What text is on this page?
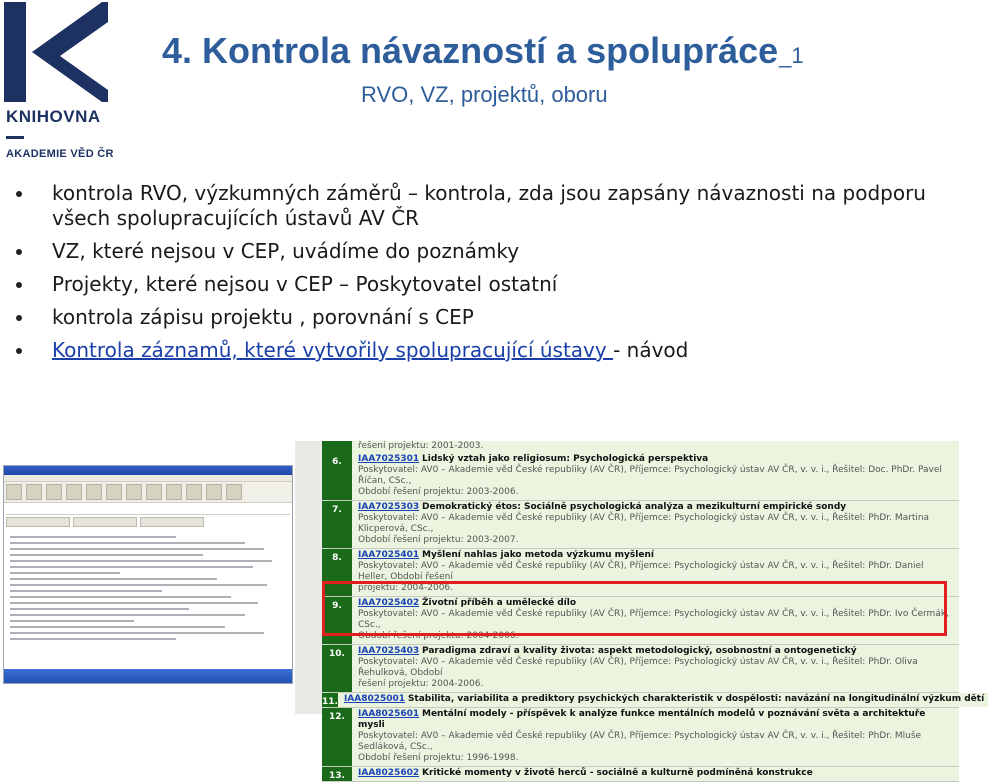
KNIHOVNA
AKADEMIE VĚD ČR
4. Kontrola návazností a spolupráce_1
RVO, VZ, projektů, oboru
kontrola RVO, výzkumných záměrů – kontrola, zda jsou zapsány návaznosti na podporu všech spolupracujících ústavů AV ČR
VZ, které nejsou v CEP, uvádíme do poznámky
Projekty, které nejsou v CEP – Poskytovatel ostatní
kontrola zápisu projektu , porovnání s CEP
Kontrola záznamů, které vytvořily spolupracující ústavy - návod
řešení projektu: 2001-2003.
6.	IAA7025301 Lidský vztah jako religiosum: Psychologická perspektiva
Poskytovatel: AV0 – Akademie věd České republiky (AV ČR), Příjemce: Psychologický ústav AV ČR, v. v. i., Řešitel: Doc. PhDr. Pavel Říčan, CSc.,
Období řešení projektu: 2003-2006.
7.	IAA7025303 Demokratický étos: Sociálně psychologická analýza a mezikulturní empirické sondy
Poskytovatel: AV0 – Akademie věd České republiky (AV ČR), Příjemce: Psychologický ústav AV ČR, v. v. i., Řešitel: PhDr. Martina Klicperová, CSc.,
Období řešení projektu: 2003-2007.
8.	IAA7025401 Myšlení nahlas jako metoda výzkumu myšlení
Poskytovatel: AV0 – Akademie věd České republiky (AV ČR), Příjemce: Psychologický ústav AV ČR, v. v. i., Řešitel: PhDr. Daniel Heller, Období řešení
projektu: 2004-2006.
9.	IAA7025402 Životní příběh a umělecké dílo
Poskytovatel: AV0 – Akademie věd České republiky (AV ČR), Příjemce: Psychologický ústav AV ČR, v. v. i., Řešitel: PhDr. Ivo Čermák, CSc.,
Období řešení projektu: 2004-2006.
10.	IAA7025403 Paradigma zdraví a kvality života: aspekt metodologický, osobnostní a ontogenetický
Poskytovatel: AV0 – Akademie věd České republiky (AV ČR), Příjemce: Psychologický ústav AV ČR, v. v. i., Řešitel: PhDr. Oliva Řehulková, Období
řešení projektu: 2004-2006.
11. IAA8025001 Stabilita, variabilita a prediktory psychických charakteristik v dospělosti: navázání na longitudinální výzkum dětí
12.	IAA8025601 Mentální modely - příspěvek k analýze funkce mentálních modelů v poznávání světa a architektuře mysli
Poskytovatel: AV0 – Akademie věd České republiky (AV ČR), Příjemce: Psychologický ústav AV ČR, v. v. i., Řešitel: PhDr. Mluše Sedláková, CSc.,
Období řešení projektu: 1996-1998.
13.	IAA8025602 Kritické momenty v životě herců - sociálně a kulturně podmíněná konstrukce
